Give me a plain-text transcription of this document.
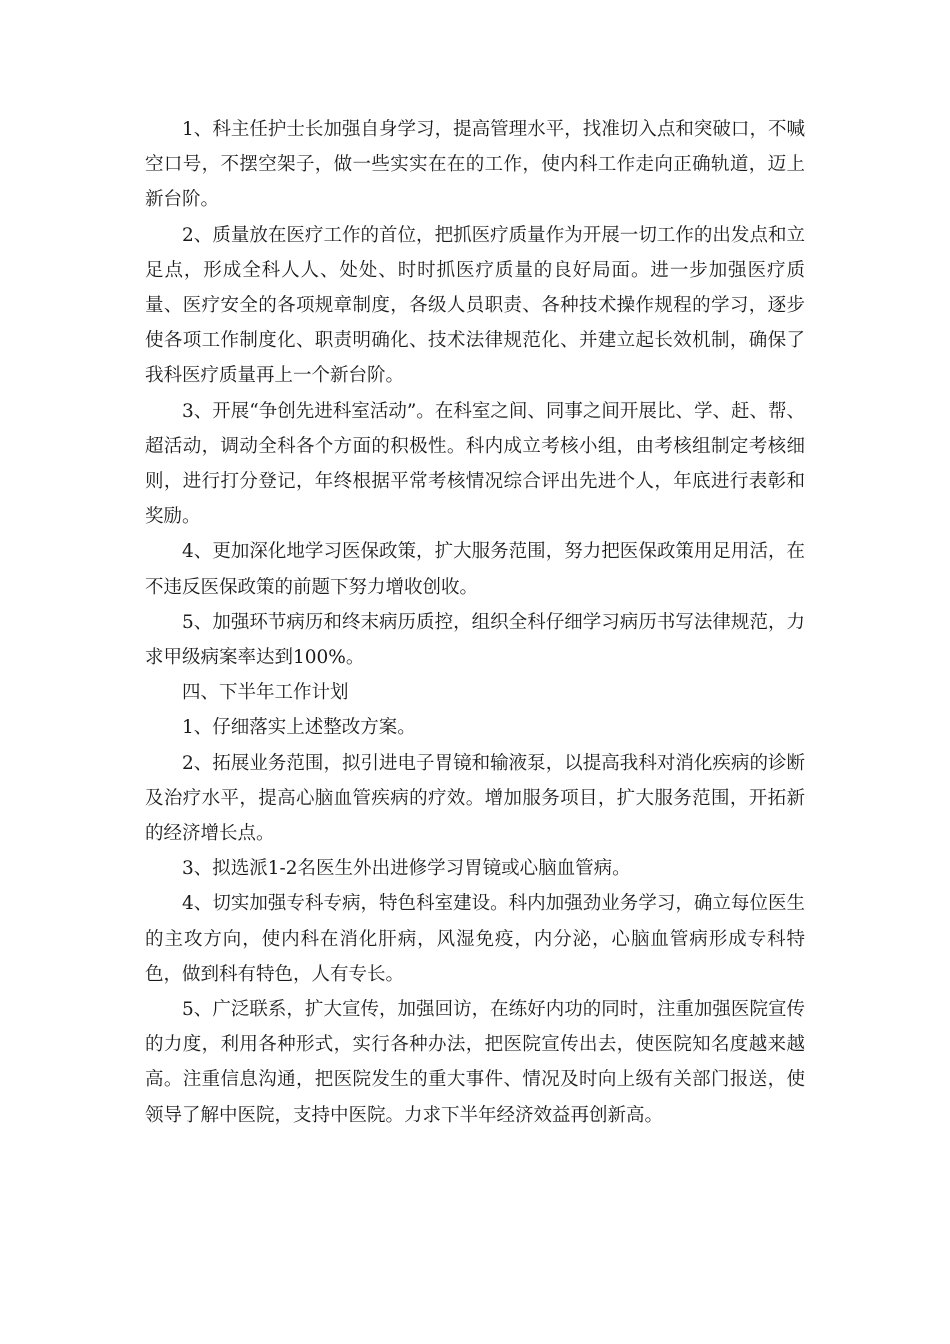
1、科主任护士长加强自身学习，提高管理水平，找准切入点和突破口，不喊空口号，不摆空架子，做一些实实在在的工作，使内科工作走向正确轨道，迈上新台阶。

2、质量放在医疗工作的首位，把抓医疗质量作为开展一切工作的出发点和立足点，形成全科人人、处处、时时抓医疗质量的良好局面。进一步加强医疗质量、医疗安全的各项规章制度，各级人员职责、各种技术操作规程的学习，逐步使各项工作制度化、职责明确化、技术法律规范化、并建立起长效机制，确保了我科医疗质量再上一个新台阶。

3、开展“争创先进科室活动”。在科室之间、同事之间开展比、学、赶、帮、超活动，调动全科各个方面的积极性。科内成立考核小组，由考核组制定考核细则，进行打分登记，年终根据平常考核情况综合评出先进个人，年底进行表彰和奖励。

4、更加深化地学习医保政策，扩大服务范围，努力把医保政策用足用活，在不违反医保政策的前题下努力增收创收。

5、加强环节病历和终末病历质控，组织全科仔细学习病历书写法律规范，力求甲级病案率达到100%。

四、下半年工作计划

1、仔细落实上述整改方案。

2、拓展业务范围，拟引进电子胃镜和输液泵，以提高我科对消化疾病的诊断及治疗水平，提高心脑血管疾病的疗效。增加服务项目，扩大服务范围，开拓新的经济增长点。

3、拟选派1-2名医生外出进修学习胃镜或心脑血管病。

4、切实加强专科专病，特色科室建设。科内加强劲业务学习，确立每位医生的主攻方向，使内科在消化肝病，风湿免疫，内分泌，心脑血管病形成专科特色，做到科有特色，人有专长。

5、广泛联系，扩大宣传，加强回访，在练好内功的同时，注重加强医院宣传的力度，利用各种形式，实行各种办法，把医院宣传出去，使医院知名度越来越高。注重信息沟通，把医院发生的重大事件、情况及时向上级有关部门报送，使领导了解中医院，支持中医院。力求下半年经济效益再创新高。
